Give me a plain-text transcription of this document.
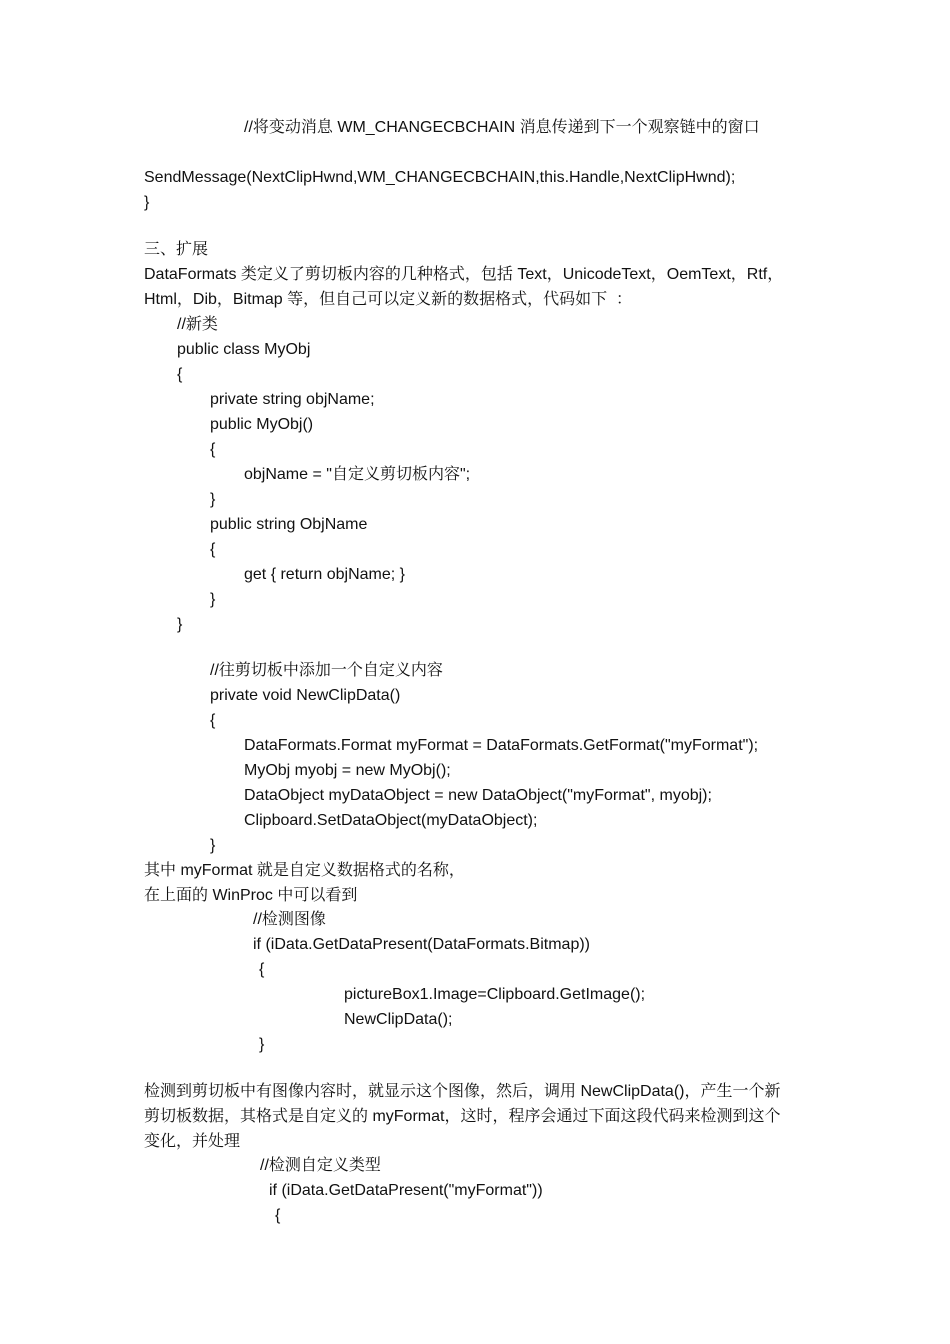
//将变动消息 WM_CHANGECBCHAIN 消息传递到下一个观察链中的窗口

SendMessage(NextClipHwnd,WM_CHANGECBCHAIN,this.Handle,NextClipHwnd);

}

三、扩展

DataFormats 类定义了剪切板内容的几种格式，包括 Text，UnicodeText，OemText，Rtf，

Html，Dib，Bitmap 等，但自己可以定义新的数据格式，代码如下  ：

//新类

public class MyObj

{

private string objName;

public MyObj()

{

objName = "自定义剪切板内容";

}

public string ObjName

{

get { return objName; }

}

}

//往剪切板中添加一个自定义内容

private void NewClipData()

{

DataFormats.Format myFormat = DataFormats.GetFormat("myFormat");

MyObj myobj = new MyObj();

DataObject myDataObject = new DataObject("myFormat", myobj);

Clipboard.SetDataObject(myDataObject);

}

其中 myFormat 就是自定义数据格式的名称，

在上面的 WinProc 中可以看到

//检测图像

if (iData.GetDataPresent(DataFormats.Bitmap))

{

pictureBox1.Image=Clipboard.GetImage();

NewClipData();

}

检测到剪切板中有图像内容时，就显示这个图像，然后，调用 NewClipData()，产生一个新

剪切板数据，其格式是自定义的 myFormat，这时，程序会通过下面这段代码来检测到这个

变化，并处理

//检测自定义类型

if (iData.GetDataPresent("myFormat"))

{
